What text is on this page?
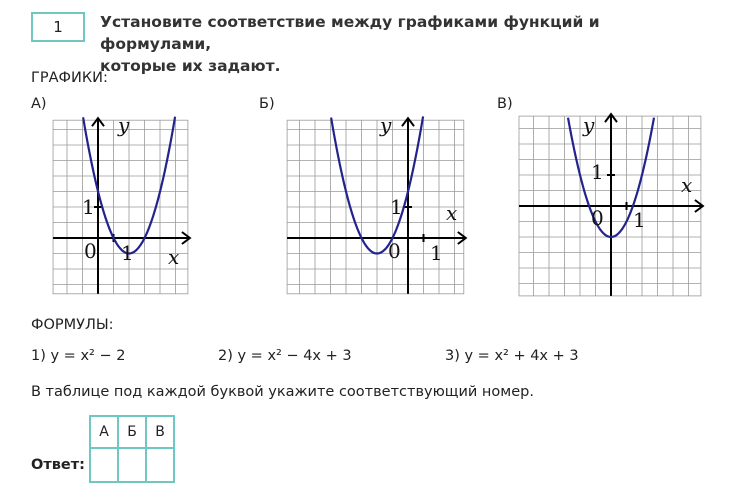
1 Установите соответствие между графиками функций и формулами,
которые их задают.
ГРАФИКИ:
А)	Б)	В)
x
y
0 1
1	x
y
0 1
1
x
y
0 1
1
ФОРМУЛЫ:
1) y = x² − 2	2) y = x² − 4x + 3	3) y = x² + 4x + 3
В таблице под каждой буквой укажите соответствующий номер.
Ответ:
А	Б	В
